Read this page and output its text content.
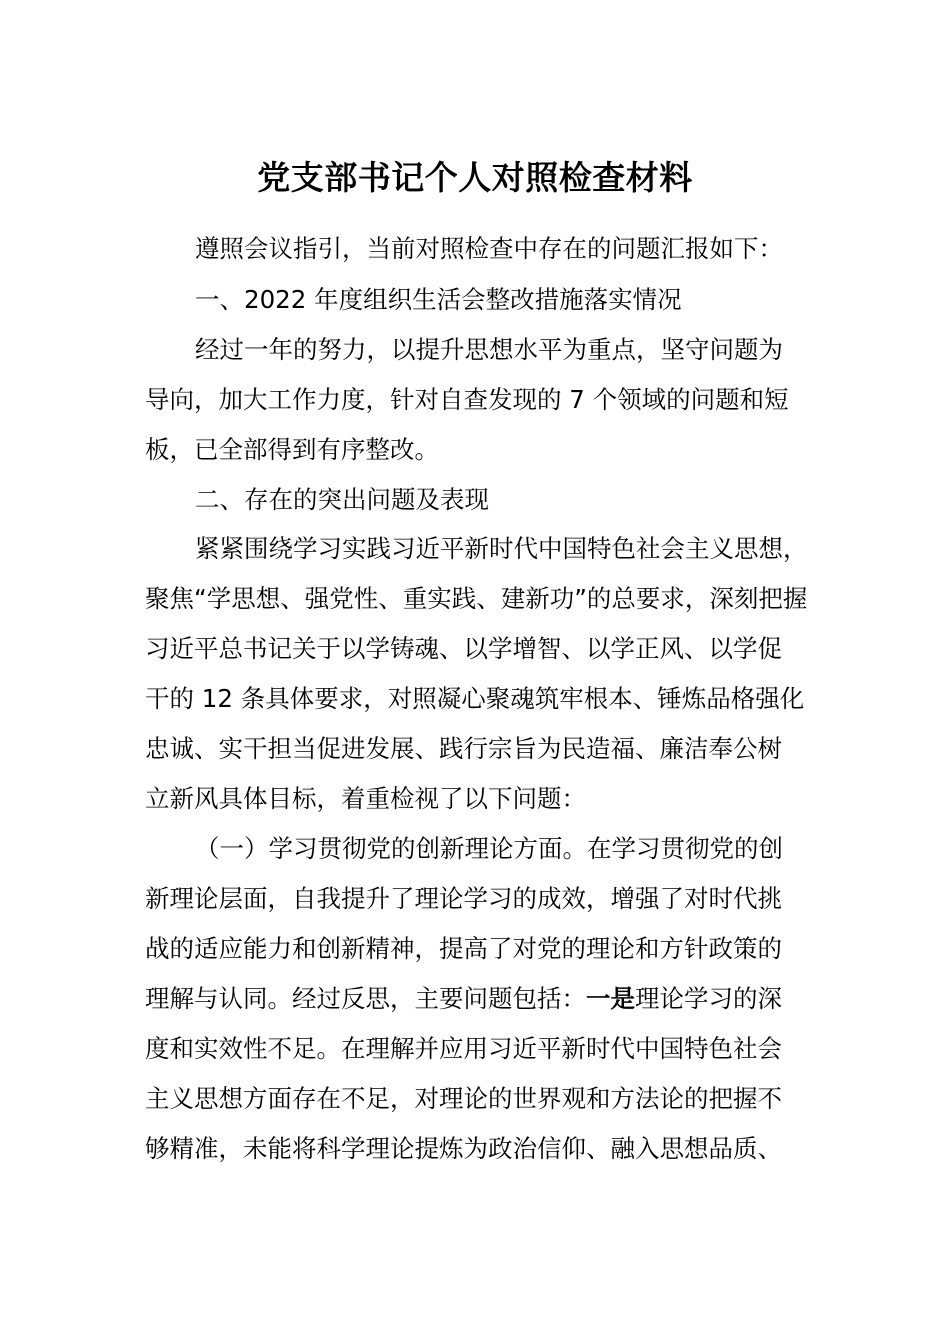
党支部书记个人对照检查材料
遵照会议指引，当前对照检查中存在的问题汇报如下：
一、2022 年度组织生活会整改措施落实情况
经过一年的努力，以提升思想水平为重点，坚守问题为
导向，加大工作力度，针对自查发现的 7 个领域的问题和短
板，已全部得到有序整改。
二、存在的突出问题及表现
紧紧围绕学习实践习近平新时代中国特色社会主义思想，
聚焦“学思想、强党性、重实践、建新功”的总要求，深刻把握
习近平总书记关于以学铸魂、以学增智、以学正风、以学促
干的 12 条具体要求，对照凝心聚魂筑牢根本、锤炼品格强化
忠诚、实干担当促进发展、践行宗旨为民造福、廉洁奉公树
立新风具体目标，着重检视了以下问题：
（一）学习贯彻党的创新理论方面。在学习贯彻党的创
新理论层面，自我提升了理论学习的成效，增强了对时代挑
战的适应能力和创新精神，提高了对党的理论和方针政策的
理解与认同。经过反思，主要问题包括：一是理论学习的深
度和实效性不足。在理解并应用习近平新时代中国特色社会
主义思想方面存在不足，对理论的世界观和方法论的把握不
够精准，未能将科学理论提炼为政治信仰、融入思想品质、
